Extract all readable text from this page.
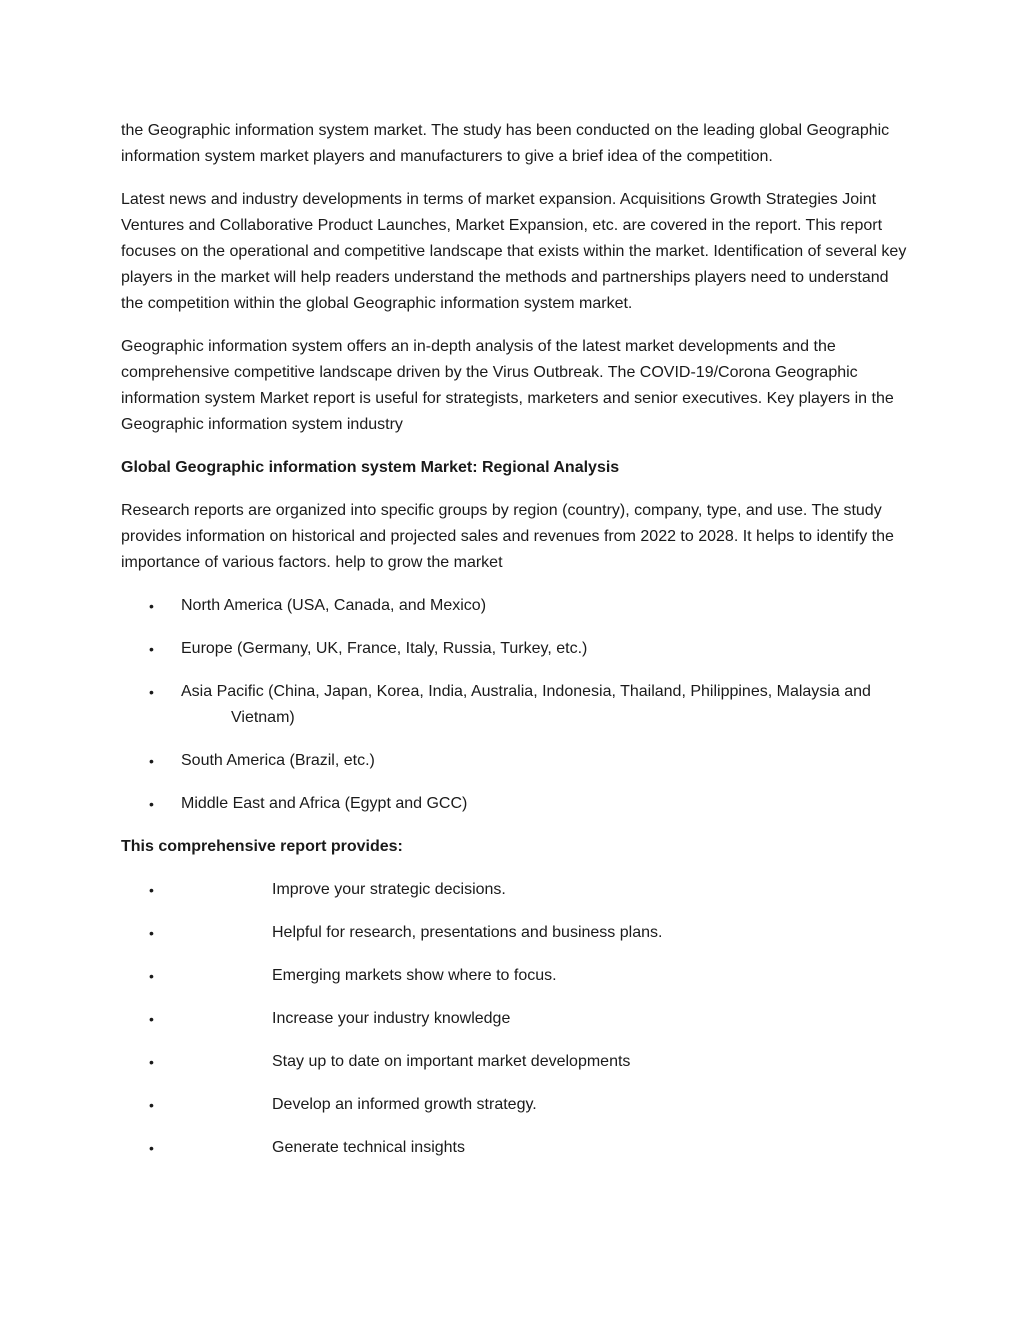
the Geographic information system market. The study has been conducted on the leading global Geographic information system market players and manufacturers to give a brief idea of the competition.

Latest news and industry developments in terms of market expansion. Acquisitions Growth Strategies Joint Ventures and Collaborative Product Launches, Market Expansion, etc. are covered in the report. This report focuses on the operational and competitive landscape that exists within the market. Identification of several key players in the market will help readers understand the methods and partnerships players need to understand the competition within the global Geographic information system market.

Geographic information system offers an in-depth analysis of the latest market developments and the comprehensive competitive landscape driven by the Virus Outbreak. The COVID-19/Corona Geographic information system Market report is useful for strategists, marketers and senior executives. Key players in the Geographic information system industry

Global Geographic information system Market: Regional Analysis

Research reports are organized into specific groups by region (country), company, type, and use. The study provides information on historical and projected sales and revenues from 2022 to 2028. It helps to identify the importance of various factors. help to grow the market

• North America (USA, Canada, and Mexico)
• Europe (Germany, UK, France, Italy, Russia, Turkey, etc.)
• Asia Pacific (China, Japan, Korea, India, Australia, Indonesia, Thailand, Philippines, Malaysia and Vietnam)
• South America (Brazil, etc.)
• Middle East and Africa (Egypt and GCC)

This comprehensive report provides:

•	Improve your strategic decisions.
•	Helpful for research, presentations and business plans.
•	Emerging markets show where to focus.
•	Increase your industry knowledge
•	Stay up to date on important market developments
•	Develop an informed growth strategy.
•	Generate technical insights
